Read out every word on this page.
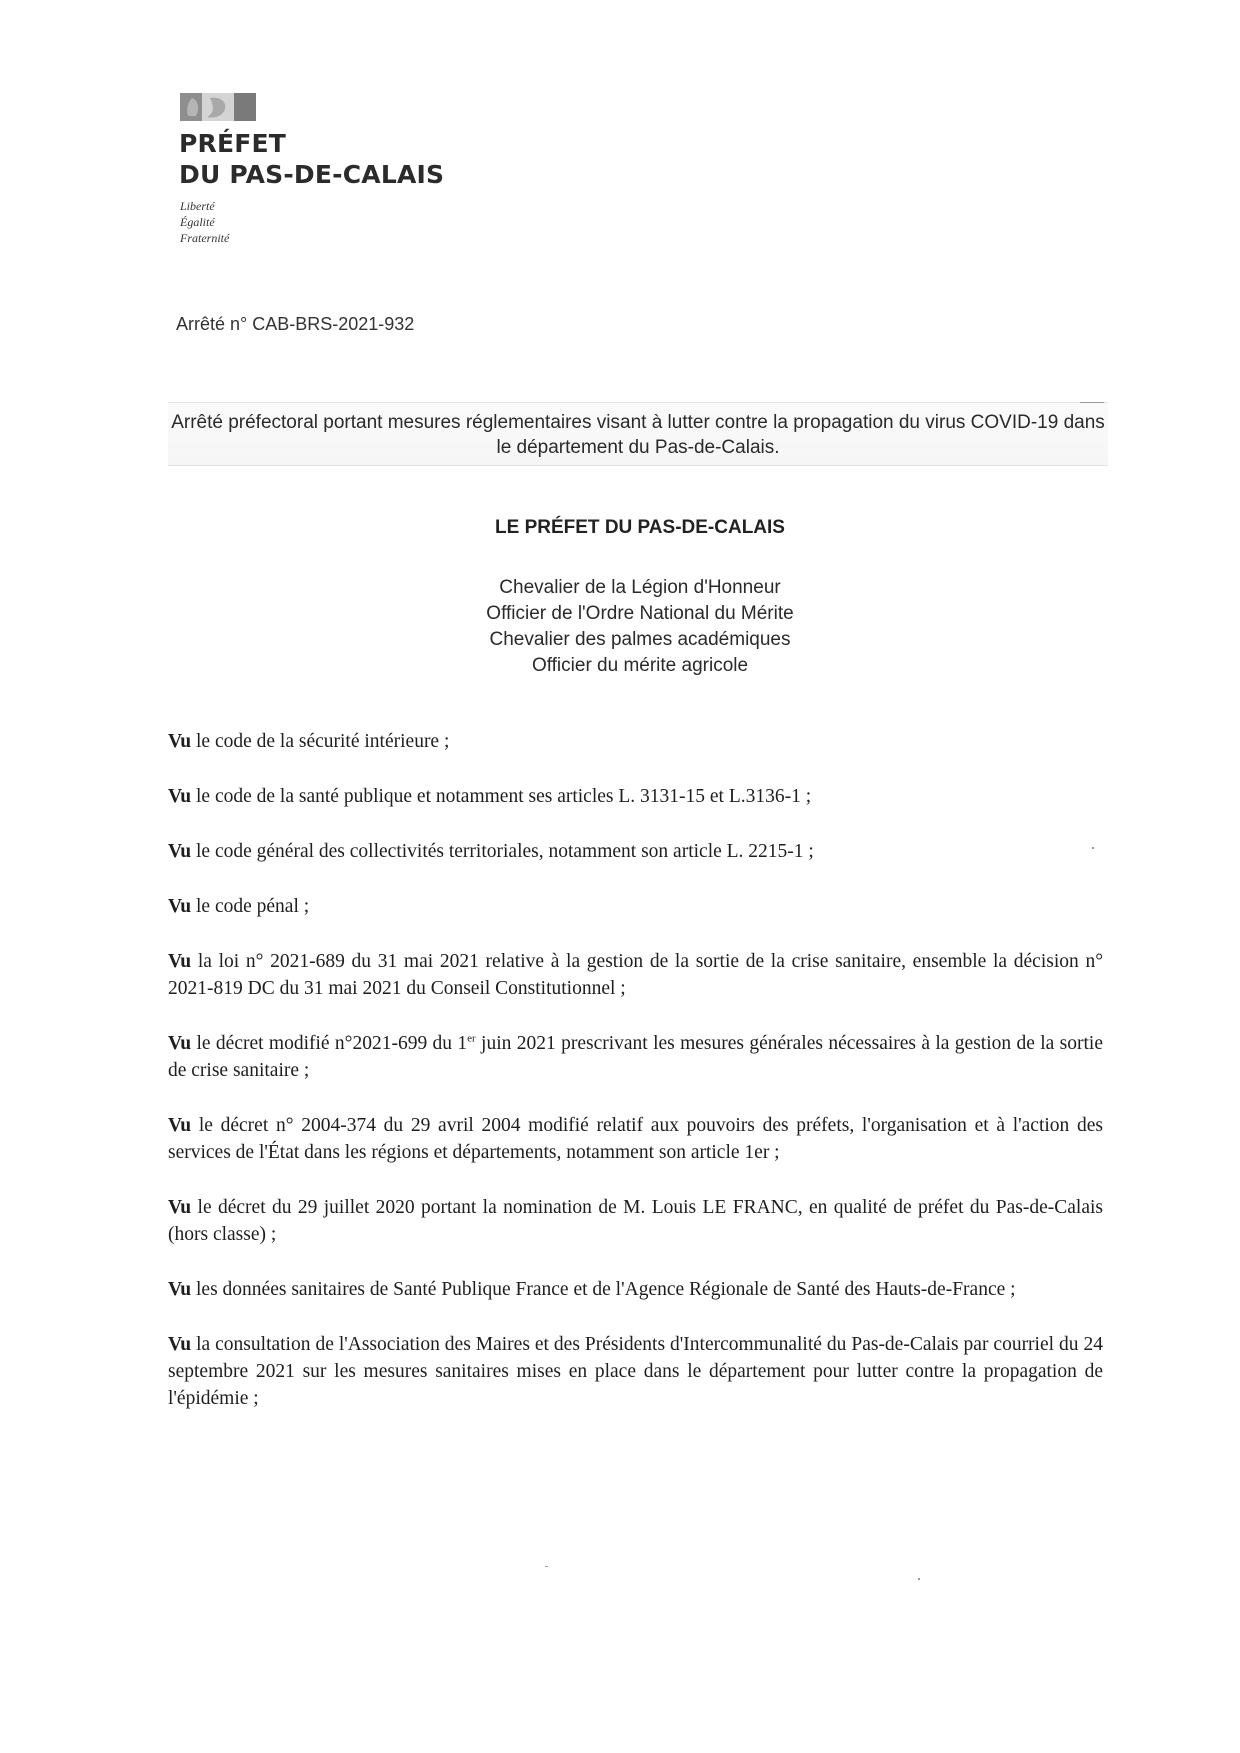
PRÉFET
DU PAS-DE-CALAIS
Liberté
Égalité
Fraternité
Arrêté n° CAB-BRS-2021-932
Arrêté préfectoral portant mesures réglementaires visant à lutter contre la propagation du virus COVID-19 dans le département du Pas-de-Calais.
LE PRÉFET DU PAS-DE-CALAIS
Chevalier de la Légion d'Honneur
Officier de l'Ordre National du Mérite
Chevalier des palmes académiques
Officier du mérite agricole

Vu le code de la sécurité intérieure ;

Vu le code de la santé publique et notamment ses articles L. 3131-15 et L.3136-1 ;

Vu le code général des collectivités territoriales, notamment son article L. 2215-1 ;

Vu le code pénal ;

Vu la loi n° 2021-689 du 31 mai 2021 relative à la gestion de la sortie de la crise sanitaire, ensemble la décision n° 2021-819 DC du 31 mai 2021 du Conseil Constitutionnel ;

Vu le décret modifié n°2021-699 du 1er juin 2021 prescrivant les mesures générales nécessaires à la gestion de la sortie de crise sanitaire ;

Vu le décret n° 2004-374 du 29 avril 2004 modifié relatif aux pouvoirs des préfets, l'organisation et à l'action des services de l'État dans les régions et départements, notamment son article 1er ;

Vu le décret du 29 juillet 2020 portant la nomination de M. Louis LE FRANC, en qualité de préfet du Pas-de-Calais (hors classe) ;

Vu les données sanitaires de Santé Publique France et de l'Agence Régionale de Santé des Hauts-de-France ;

Vu la consultation de l'Association des Maires et des Présidents d'Intercommunalité du Pas-de-Calais par courriel du 24 septembre 2021 sur les mesures sanitaires mises en place dans le département pour lutter contre la propagation de l'épidémie ;
